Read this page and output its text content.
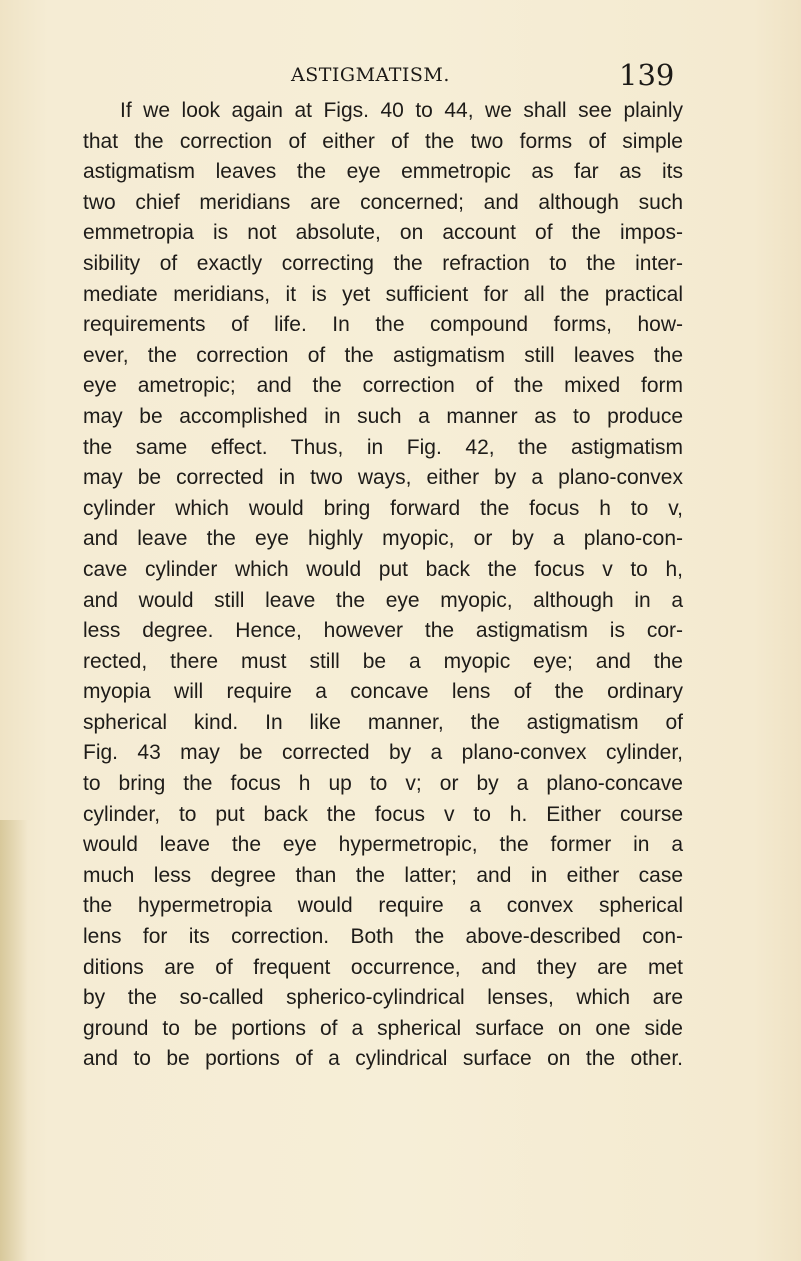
ASTIGMATISM.	139
If we look again at Figs. 40 to 44, we shall see plainly
that the correction of either of the two forms of simple
astigmatism leaves the eye emmetropic as far as its
two chief meridians are concerned; and although such
emmetropia is not absolute, on account of the impos-
sibility of exactly correcting the refraction to the inter-
mediate meridians, it is yet sufficient for all the practical
requirements of life. In the compound forms, how-
ever, the correction of the astigmatism still leaves the
eye ametropic; and the correction of the mixed form
may be accomplished in such a manner as to produce
the same effect. Thus, in Fig. 42, the astigmatism
may be corrected in two ways, either by a plano-convex
cylinder which would bring forward the focus h to v,
and leave the eye highly myopic, or by a plano-con-
cave cylinder which would put back the focus v to h,
and would still leave the eye myopic, although in a
less degree. Hence, however the astigmatism is cor-
rected, there must still be a myopic eye; and the
myopia will require a concave lens of the ordinary
spherical kind. In like manner, the astigmatism of
Fig. 43 may be corrected by a plano-convex cylinder,
to bring the focus h up to v; or by a plano-concave
cylinder, to put back the focus v to h. Either course
would leave the eye hypermetropic, the former in a
much less degree than the latter; and in either case
the hypermetropia would require a convex spherical
lens for its correction. Both the above-described con-
ditions are of frequent occurrence, and they are met
by the so-called spherico-cylindrical lenses, which are
ground to be portions of a spherical surface on one side
and to be portions of a cylindrical surface on the other.
